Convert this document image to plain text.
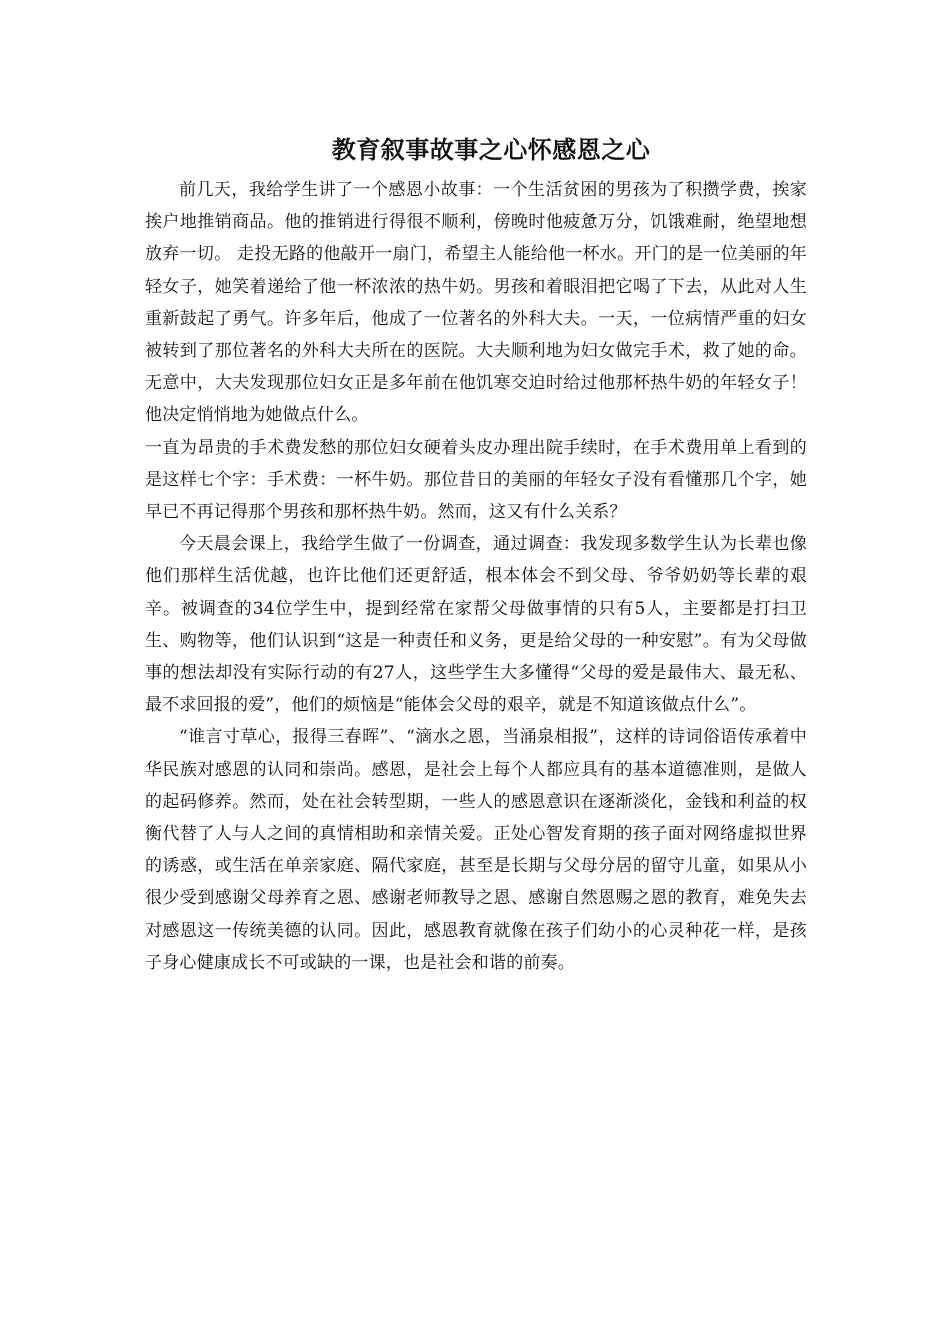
教育叙事故事之心怀感恩之心

前几天，我给学生讲了一个感恩小故事：一个生活贫困的男孩为了积攒学费，挨家挨户地推销商品。他的推销进行得很不顺利，傍晚时他疲惫万分，饥饿难耐，绝望地想放弃一切。 走投无路的他敲开一扇门，希望主人能给他一杯水。开门的是一位美丽的年轻女子，她笑着递给了他一杯浓浓的热牛奶。男孩和着眼泪把它喝了下去，从此对人生重新鼓起了勇气。许多年后，他成了一位著名的外科大夫。一天，一位病情严重的妇女被转到了那位著名的外科大夫所在的医院。大夫顺利地为妇女做完手术，救了她的命。无意中，大夫发现那位妇女正是多年前在他饥寒交迫时给过他那杯热牛奶的年轻女子！他决定悄悄地为她做点什么。

一直为昂贵的手术费发愁的那位妇女硬着头皮办理出院手续时，在手术费用单上看到的是这样七个字：手术费：一杯牛奶。那位昔日的美丽的年轻女子没有看懂那几个字，她早已不再记得那个男孩和那杯热牛奶。然而，这又有什么关系？

今天晨会课上，我给学生做了一份调查，通过调查：我发现多数学生认为长辈也像他们那样生活优越，也许比他们还更舒适，根本体会不到父母、爷爷奶奶等长辈的艰辛。被调查的34位学生中，提到经常在家帮父母做事情的只有5人，主要都是打扫卫生、购物等，他们认识到“这是一种责任和义务，更是给父母的一种安慰”。有为父母做事的想法却没有实际行动的有27人，这些学生大多懂得“父母的爱是最伟大、最无私、最不求回报的爱”，他们的烦恼是“能体会父母的艰辛，就是不知道该做点什么”。

“谁言寸草心，报得三春晖”、“滴水之恩，当涌泉相报”，这样的诗词俗语传承着中华民族对感恩的认同和崇尚。感恩，是社会上每个人都应具有的基本道德准则，是做人的起码修养。然而，处在社会转型期，一些人的感恩意识在逐渐淡化，金钱和利益的权衡代替了人与人之间的真情相助和亲情关爱。正处心智发育期的孩子面对网络虚拟世界的诱惑，或生活在单亲家庭、隔代家庭，甚至是长期与父母分居的留守儿童，如果从小很少受到感谢父母养育之恩、感谢老师教导之恩、感谢自然恩赐之恩的教育，难免失去对感恩这一传统美德的认同。因此，感恩教育就像在孩子们幼小的心灵种花一样，是孩子身心健康成长不可或缺的一课，也是社会和谐的前奏。
